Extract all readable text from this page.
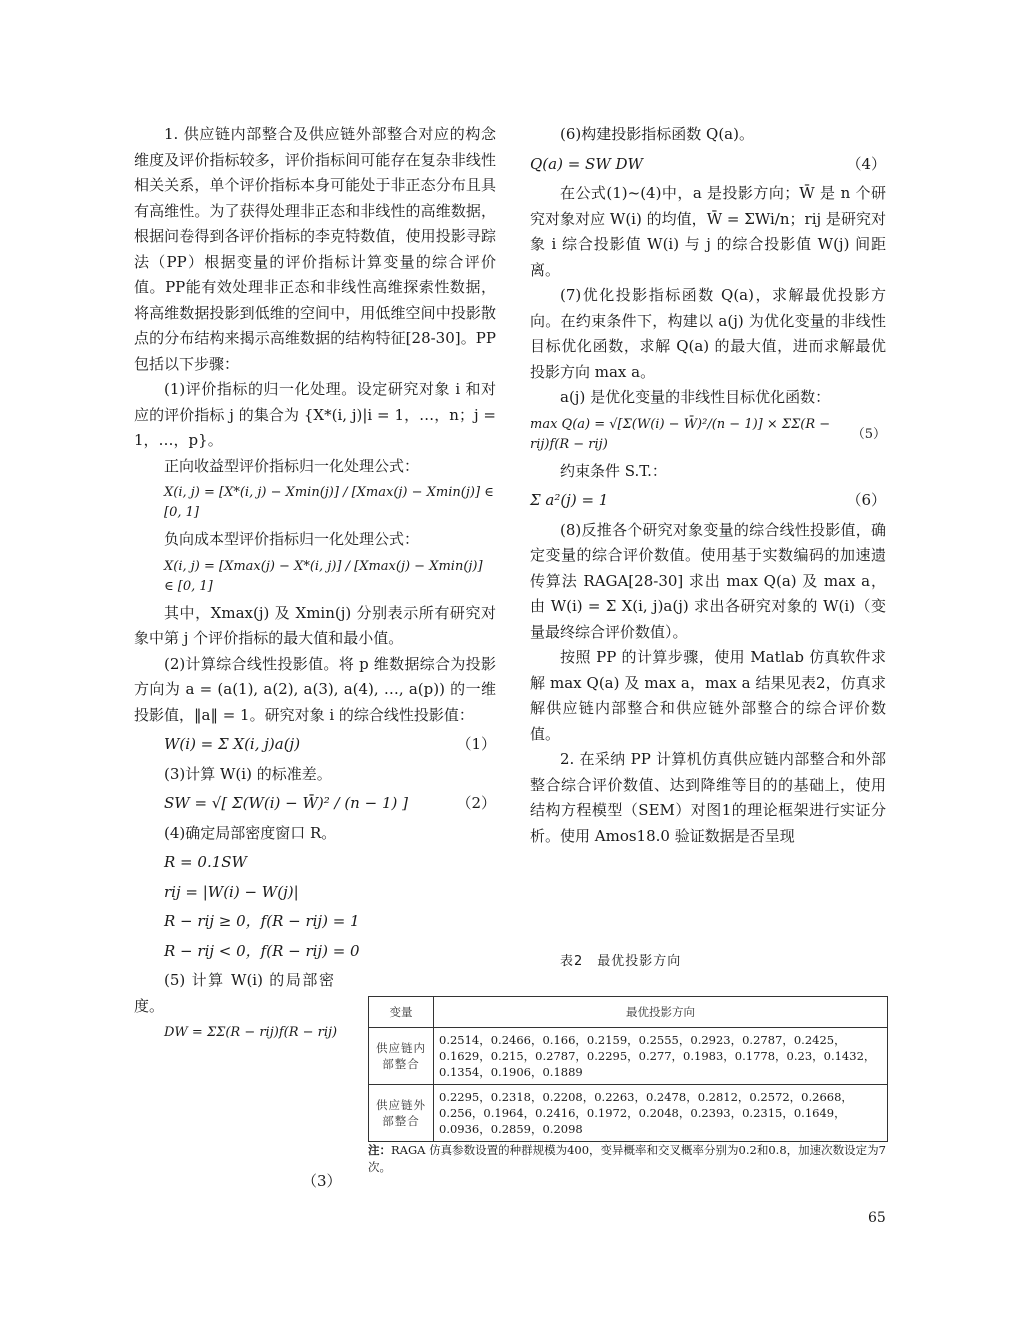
1. 供应链内部整合及供应链外部整合对应的构念维度及评价指标较多，评价指标间可能存在复杂非线性相关关系，单个评价指标本身可能处于非正态分布且具有高维性。为了获得处理非正态和非线性的高维数据，根据问卷得到各评价指标的李克特数值，使用投影寻踪法（PP）根据变量的评价指标计算变量的综合评价值。PP能有效处理非正态和非线性高维探索性数据，将高维数据投影到低维的空间中，用低维空间中投影散点的分布结构来揭示高维数据的结构特征[28-30]。PP包括以下步骤：

(1)评价指标的归一化处理。设定研究对象 i 和对应的评价指标 j 的集合为 {X*(i, j)|i = 1，…，n；j = 1，…，p}。

正向收益型评价指标归一化处理公式：

X(i, j) = [X*(i, j) − Xmin(j)] / [Xmax(j) − Xmin(j)] ∈ [0, 1]

负向成本型评价指标归一化处理公式：

X(i, j) = [Xmax(j) − X*(i, j)] / [Xmax(j) − Xmin(j)] ∈ [0, 1]

其中，Xmax(j) 及 Xmin(j) 分别表示所有研究对象中第 j 个评价指标的最大值和最小值。

(2)计算综合线性投影值。将 p 维数据综合为投影方向为 a = (a(1), a(2), a(3), a(4), …, a(p)) 的一维投影值，‖a‖ = 1。研究对象 i 的综合线性投影值：

W(i) = Σ X(i, j)a(j)	（1）

(3)计算 W(i) 的标准差。

SW = √[ Σ(W(i) − W̄)² / (n − 1) ]	（2）

(4)确定局部密度窗口 R。

R = 0.1SW
rij = |W(i) − W(j)|
R − rij ≥ 0，f(R − rij) = 1
R − rij < 0，f(R − rij) = 0

(5) 计算 W(i) 的局部密度。

DW = ΣΣ(R − rij)f(R − rij)
（3）

(6)构建投影指标函数 Q(a)。

Q(a) = SW DW	（4）

在公式(1)~(4)中，a 是投影方向；W̄ 是 n 个研究对象对应 W(i) 的均值，W̄ = ΣWi/n；rij 是研究对象 i 综合投影值 W(i) 与 j 的综合投影值 W(j) 间距离。

(7)优化投影指标函数 Q(a)，求解最优投影方向。在约束条件下，构建以 a(j) 为优化变量的非线性目标优化函数，求解 Q(a) 的最大值，进而求解最优投影方向 max a。

a(j) 是优化变量的非线性目标优化函数：

max Q(a) = √[Σ(W(i) − W̄)²/(n − 1)] × ΣΣ(R − rij)f(R − rij)
（5）

约束条件 S.T.：

Σ a²(j) = 1	（6）

(8)反推各个研究对象变量的综合线性投影值，确定变量的综合评价数值。使用基于实数编码的加速遗传算法 RAGA[28-30] 求出 max Q(a) 及 max a，由 W(i) = Σ X(i, j)a(j) 求出各研究对象的 W(i)（变量最终综合评价数值）。

按照 PP 的计算步骤，使用 Matlab 仿真软件求解 max Q(a) 及 max a，max a 结果见表2，仿真求解供应链内部整合和供应链外部整合的综合评价数值。

2. 在采纳 PP 计算机仿真供应链内部整合和外部整合综合评价数值、达到降维等目的的基础上，使用结构方程模型（SEM）对图1的理论框架进行实证分析。使用 Amos18.0 验证数据是否呈现

表2　最优投影方向
变量	最优投影方向
供应链内部整合	0.2514，0.2466，0.166，0.2159，0.2555，0.2923，0.2787，0.2425，0.1629，0.215，0.2787，0.2295，0.277，0.1983，0.1778，0.23，0.1432，0.1354，0.1906，0.1889
供应链外部整合	0.2295，0.2318，0.2208，0.2263，0.2478，0.2812，0.2572，0.2668，0.256，0.1964，0.2416，0.1972，0.2048，0.2393，0.2315，0.1649，0.0936，0.2859，0.2098
注：RAGA 仿真参数设置的种群规模为400，变异概率和交叉概率分别为0.2和0.8，加速次数设定为7次。
65
